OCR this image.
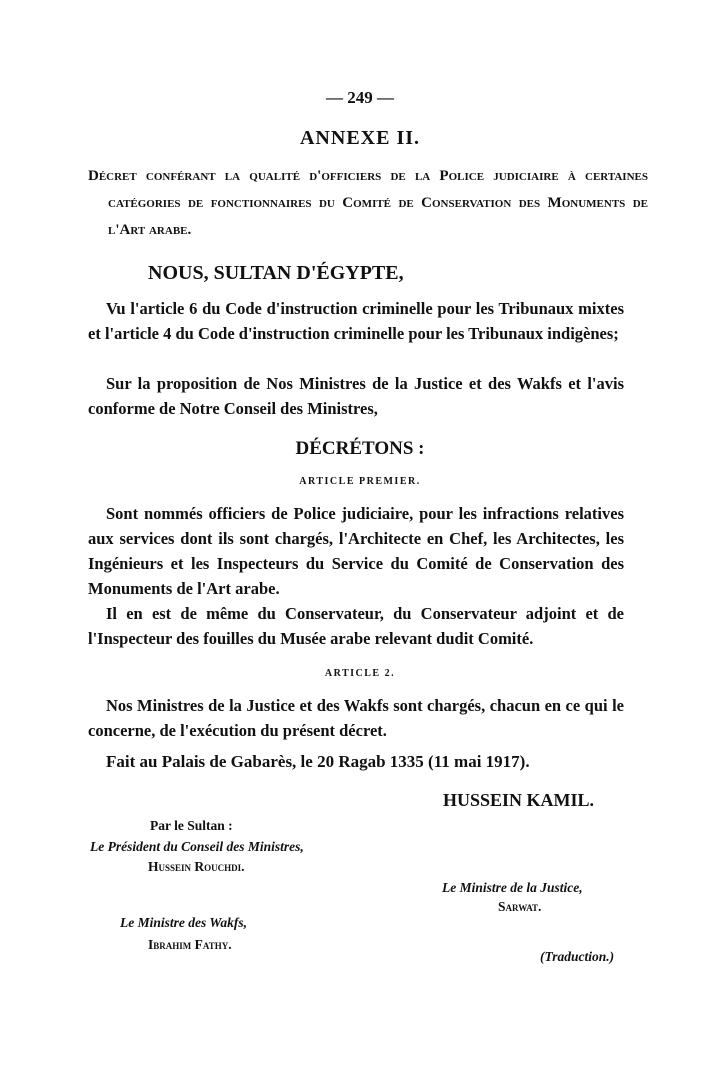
— 249 —
ANNEXE II.
Décret conférant la qualité d'officiers de la Police judiciaire à certaines catégories de fonctionnaires du Comité de Conservation des Monuments de l'Art arabe.
NOUS, SULTAN D'ÉGYPTE,
Vu l'article 6 du Code d'instruction criminelle pour les Tribunaux mixtes et l'article 4 du Code d'instruction criminelle pour les Tribunaux indigènes;
Sur la proposition de Nos Ministres de la Justice et des Wakfs et l'avis conforme de Notre Conseil des Ministres,
DÉCRÉTONS :
ARTICLE PREMIER.
Sont nommés officiers de Police judiciaire, pour les infractions relatives aux services dont ils sont chargés, l'Architecte en Chef, les Architectes, les Ingénieurs et les Inspecteurs du Service du Comité de Conservation des Monuments de l'Art arabe.
Il en est de même du Conservateur, du Conservateur adjoint et de l'Inspecteur des fouilles du Musée arabe relevant dudit Comité.
ARTICLE 2.
Nos Ministres de la Justice et des Wakfs sont chargés, chacun en ce qui le concerne, de l'exécution du présent décret.
Fait au Palais de Gabarès, le 20 Ragab 1335 (11 mai 1917).
HUSSEIN KAMIL.
Par le Sultan :
Le Président du Conseil des Ministres,
Hussein Rouchdi.
Le Ministre de la Justice,
Sarwat.
Le Ministre des Wakfs,
Ibrahim Fathy.
(Traduction.)
